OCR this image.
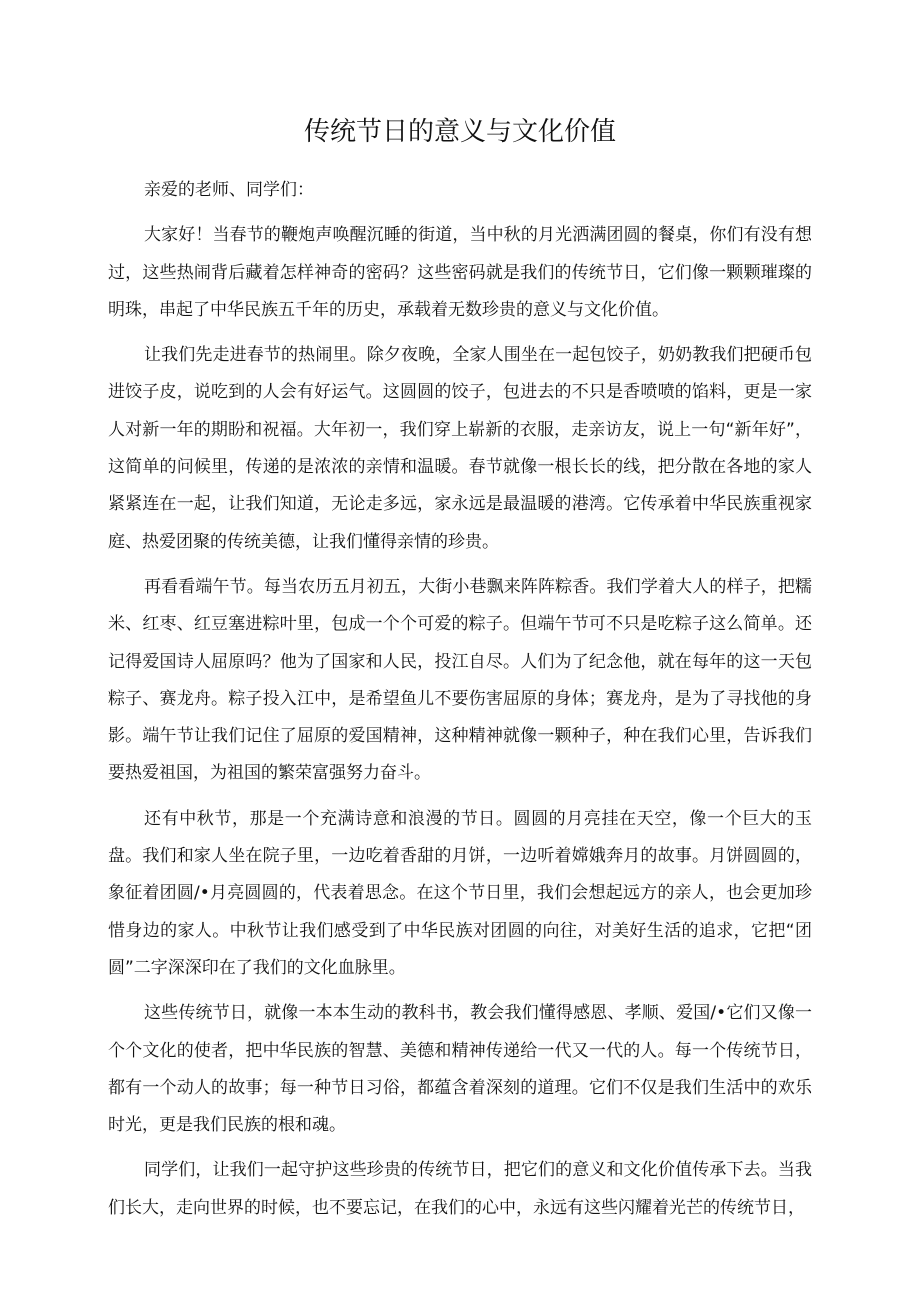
传统节日的意义与文化价值

亲爱的老师、同学们：

大家好！当春节的鞭炮声唤醒沉睡的街道，当中秋的月光洒满团圆的餐桌，你们有没有想过，这些热闹背后藏着怎样神奇的密码？这些密码就是我们的传统节日，它们像一颗颗璀璨的明珠，串起了中华民族五千年的历史，承载着无数珍贵的意义与文化价值。

让我们先走进春节的热闹里。除夕夜晚，全家人围坐在一起包饺子，奶奶教我们把硬币包进饺子皮，说吃到的人会有好运气。这圆圆的饺子，包进去的不只是香喷喷的馅料，更是一家人对新一年的期盼和祝福。大年初一，我们穿上崭新的衣服，走亲访友，说上一句“新年好”，这简单的问候里，传递的是浓浓的亲情和温暖。春节就像一根长长的线，把分散在各地的家人紧紧连在一起，让我们知道，无论走多远，家永远是最温暖的港湾。它传承着中华民族重视家庭、热爱团聚的传统美德，让我们懂得亲情的珍贵。

再看看端午节。每当农历五月初五，大街小巷飘来阵阵粽香。我们学着大人的样子，把糯米、红枣、红豆塞进粽叶里，包成一个个可爱的粽子。但端午节可不只是吃粽子这么简单。还记得爱国诗人屈原吗？他为了国家和人民，投江自尽。人们为了纪念他，就在每年的这一天包粽子、赛龙舟。粽子投入江中，是希望鱼儿不要伤害屈原的身体；赛龙舟，是为了寻找他的身影。端午节让我们记住了屈原的爱国精神，这种精神就像一颗种子，种在我们心里，告诉我们要热爱祖国，为祖国的繁荣富强努力奋斗。

还有中秋节，那是一个充满诗意和浪漫的节日。圆圆的月亮挂在天空，像一个巨大的玉盘。我们和家人坐在院子里，一边吃着香甜的月饼，一边听着嫦娥奔月的故事。月饼圆圆的，象征着团圆/•月亮圆圆的，代表着思念。在这个节日里，我们会想起远方的亲人，也会更加珍惜身边的家人。中秋节让我们感受到了中华民族对团圆的向往，对美好生活的追求，它把“团圆”二字深深印在了我们的文化血脉里。

这些传统节日，就像一本本生动的教科书，教会我们懂得感恩、孝顺、爱国/•它们又像一个个文化的使者，把中华民族的智慧、美德和精神传递给一代又一代的人。每一个传统节日，都有一个动人的故事；每一种节日习俗，都蕴含着深刻的道理。它们不仅是我们生活中的欢乐时光，更是我们民族的根和魂。

同学们，让我们一起守护这些珍贵的传统节日，把它们的意义和文化价值传承下去。当我们长大，走向世界的时候，也不要忘记，在我们的心中，永远有这些闪耀着光芒的传统节日，
